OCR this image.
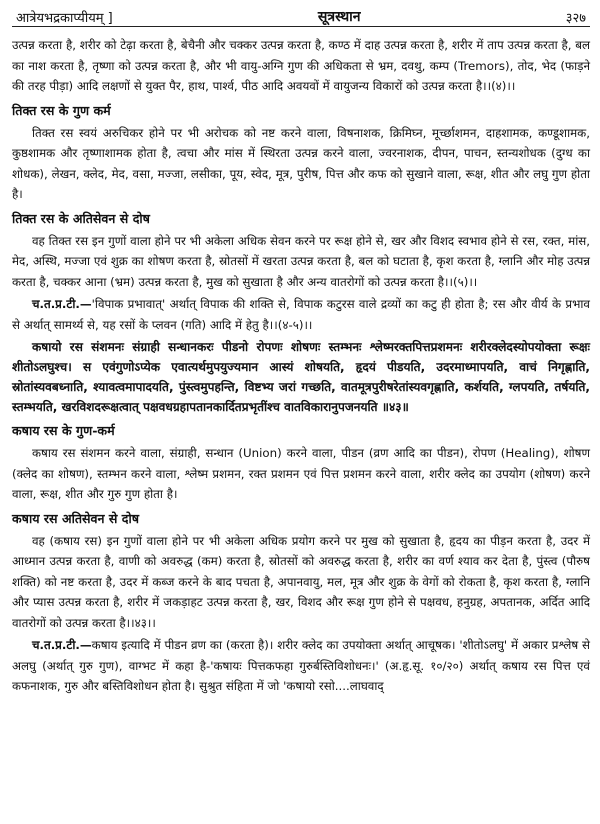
आत्रेयभद्रकाप्यीयम् ]	सूत्रस्थान	३२७

उत्पन्न करता है, शरीर को टेढ़ा करता है, बेचैनी और चक्कर उत्पन्न करता है, कण्ठ में दाह उत्पन्न करता है, शरीर में ताप उत्पन्न करता है, बल का नाश करता है, तृष्णा को उत्पन्न करता है, और भी वायु-अग्नि गुण की अधिकता से भ्रम, दवथु, कम्प (Tremors), तोद, भेद (फाड़ने की तरह पीड़ा) आदि लक्षणों से युक्त पैर, हाथ, पार्श्व, पीठ आदि अवयवों में वायुजन्य विकारों को उत्पन्न करता है।।(४)।।

तिक्त रस के गुण कर्म

तिक्त रस स्वयं अरुचिकर होने पर भी अरोचक को नष्ट करने वाला, विषनाशक, क्रिमिघ्न, मूर्च्छाशमन, दाहशामक, कण्डूशामक, कुष्ठशामक और तृष्णाशामक होता है, त्वचा और मांस में स्थिरता उत्पन्न करने वाला, ज्वरनाशक, दीपन, पाचन, स्तन्यशोधक (दुग्ध का शोधक), लेखन, क्लेद, मेद, वसा, मज्जा, लसीका, पूय, स्वेद, मूत्र, पुरीष, पित्त और कफ को सुखाने वाला, रूक्ष, शीत और लघु गुण होता है।

तिक्त रस के अतिसेवन से दोष

वह तिक्त रस इन गुणों वाला होने पर भी अकेला अधिक सेवन करने पर रूक्ष होने से, खर और विशद स्वभाव होने से रस, रक्त, मांस, मेद, अस्थि, मज्जा एवं शुक्र का शोषण करता है, स्रोतसों में खरता उत्पन्न करता है, बल को घटाता है, कृश करता है, ग्लानि और मोह उत्पन्न करता है, चक्कर आना (भ्रम) उत्पन्न करता है, मुख को सुखाता है और अन्य वातरोगों को उत्पन्न करता है।।(५)।।

च.त.प्र.टी.—'विपाक प्रभावात्' अर्थात् विपाक की शक्ति से, विपाक कटुरस वाले द्रव्यों का कटु ही होता है; रस और वीर्य के प्रभाव से अर्थात् सामर्थ्य से, यह रसों के प्लवन (गति) आदि में हेतु है।।(४-५)।।

कषायो रस संशमनः संग्राही सन्धानकरः पीडनो रोपणः शोषणः स्तम्भनः श्लेष्मरक्तपित्तप्रशमनः शरीरक्लेदस्योपयोक्ता रूक्षः शीतोऽलघुश्च। स एवंगुणोऽप्येक एवात्यर्थमुपयुज्यमान आस्यं शोषयति, हृदयं पीडयति, उदरमाध्मापयति, वाचं निगृह्णाति, स्रोतांस्यवबध्नाति, श्यावत्वमापादयति, पुंस्त्वमुपहन्ति, विष्टभ्य जरां गच्छति, वातमूत्रपुरीषरेतांस्यवगृह्णाति, कर्शयति, ग्लपयति, तर्षयति, स्तम्भयति, खरविशदरूक्षत्वात् पक्षवधग्रहापतानकार्दितप्रभृतींश्च वातविकारानुपजनयति ॥४३॥

कषाय रस के गुण-कर्म

कषाय रस संशमन करने वाला, संग्राही, सन्धान (Union) करने वाला, पीडन (व्रण आदि का पीडन), रोपण (Healing), शोषण (क्लेद का शोषण), स्तम्भन करने वाला, श्लेष्म प्रशमन, रक्त प्रशमन एवं पित्त प्रशमन करने वाला, शरीर क्लेद का उपयोग (शोषण) करने वाला, रूक्ष, शीत और गुरु गुण होता है।

कषाय रस अतिसेवन से दोष

वह (कषाय रस) इन गुणों वाला होने पर भी अकेला अधिक प्रयोग करने पर मुख को सुखाता है, हृदय का पीड़न करता है, उदर में आध्मान उत्पन्न करता है, वाणी को अवरुद्ध (कम) करता है, स्रोतसों को अवरुद्ध करता है, शरीर का वर्ण श्याव कर देता है, पुंस्त्व (पौरुष शक्ति) को नष्ट करता है, उदर में कब्ज करने के बाद पचता है, अपानवायु, मल, मूत्र और शुक्र के वेगों को रोकता है, कृश करता है, ग्लानि और प्यास उत्पन्न करता है, शरीर में जकड़ाहट उत्पन्न करता है, खर, विशद और रूक्ष गुण होने से पक्षवध, हनुग्रह, अपतानक, अर्दित आदि वातरोगों को उत्पन्न करता है।।४३।।

च.त.प्र.टी.—कषाय इत्यादि में पीडन व्रण का (करता है)। शरीर क्लेद का उपयोक्ता अर्थात् आचूषक। 'शीतोऽलघु' में अकार प्रश्लेष से अलघु (अर्थात् गुरु गुण), वाग्भट में कहा है-'कषायः पित्तकफहा गुरुर्बस्तिविशोधनः।' (अ.हृ.सू. १०/२०) अर्थात् कषाय रस पित्त एवं कफनाशक, गुरु और बस्तिविशोधन होता है। सुश्रुत संहिता में जो 'कषायो रसो....लाघवाद्
